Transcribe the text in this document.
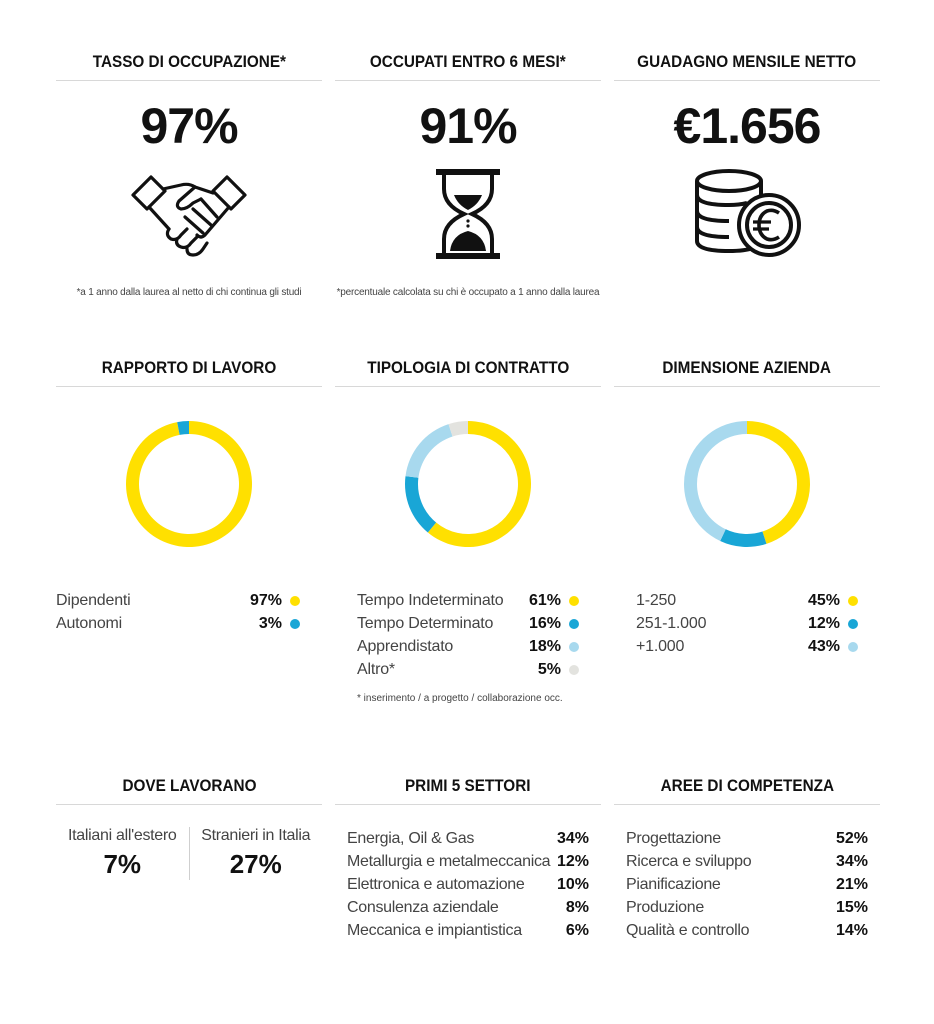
TASSO DI OCCUPAZIONE*
97%
*a 1 anno dalla laurea al netto di chi continua gli studi
OCCUPATI ENTRO 6 MESI*
91%
*percentuale calcolata su chi è occupato a 1 anno dalla laurea
GUADAGNO MENSILE NETTO
€1.656
RAPPORTO DI LAVORO
Dipendenti	97%
Autonomi	3%
TIPOLOGIA DI CONTRATTO
Tempo Indeterminato	61%
Tempo Determinato	16%
Apprendistato	18%
Altro*	5%
* inserimento / a progetto / collaborazione occ.
DIMENSIONE AZIENDA
1-250	45%
251-1.000	12%
+1.000	43%
DOVE LAVORANO
Italiani all'estero
7%
Stranieri in Italia
27%
PRIMI 5 SETTORI
Energia, Oil & Gas	34%
Metallurgia e metalmeccanica 12%
Elettronica e automazione	10%
Consulenza aziendale	8%
Meccanica e impiantistica	6%
AREE DI COMPETENZA
Progettazione	52%
Ricerca e sviluppo	34%
Pianificazione	21%
Produzione	15%
Qualità e controllo	14%
